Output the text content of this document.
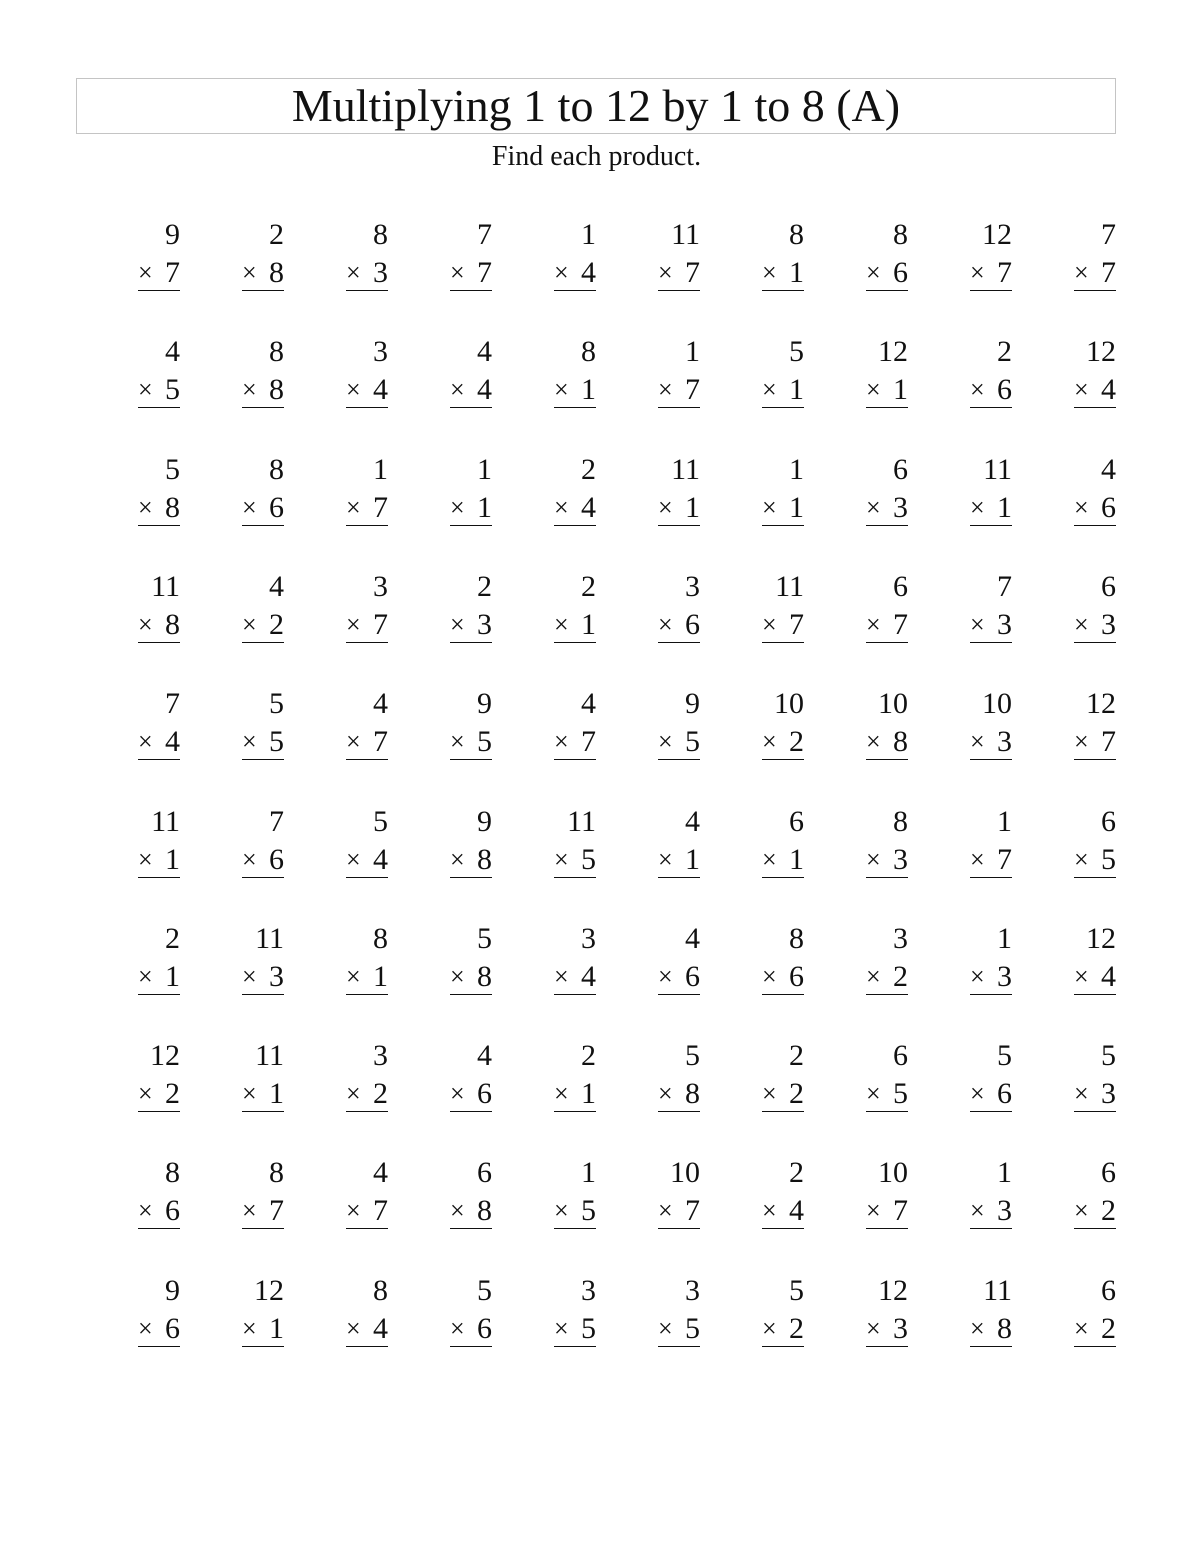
Multiplying 1 to 12 by 1 to 8 (A)
Find each product.
9
× 7
2
× 8
8
× 3
7
× 7
1
× 4
11
× 7
8
× 1
8
× 6
12
× 7
7
× 7
4
× 5
8
× 8
3
× 4
4
× 4
8
× 1
1
× 7
5
× 1
12
× 1
2
× 6
12
× 4
5
× 8
8
× 6
1
× 7
1
× 1
2
× 4
11
× 1
1
× 1
6
× 3
11
× 1
4
× 6
11
× 8
4
× 2
3
× 7
2
× 3
2
× 1
3
× 6
11
× 7
6
× 7
7
× 3
6
× 3
7
× 4
5
× 5
4
× 7
9
× 5
4
× 7
9
× 5
10
× 2
10
× 8
10
× 3
12
× 7
11
× 1
7
× 6
5
× 4
9
× 8
11
× 5
4
× 1
6
× 1
8
× 3
1
× 7
6
× 5
2
× 1
11
× 3
8
× 1
5
× 8
3
× 4
4
× 6
8
× 6
3
× 2
1
× 3
12
× 4
12
× 2
11
× 1
3
× 2
4
× 6
2
× 1
5
× 8
2
× 2
6
× 5
5
× 6
5
× 3
8
× 6
8
× 7
4
× 7
6
× 8
1
× 5
10
× 7
2
× 4
10
× 7
1
× 3
6
× 2
9
× 6
12
× 1
8
× 4
5
× 6
3
× 5
3
× 5
5
× 2
12
× 3
11
× 8
6
× 2
